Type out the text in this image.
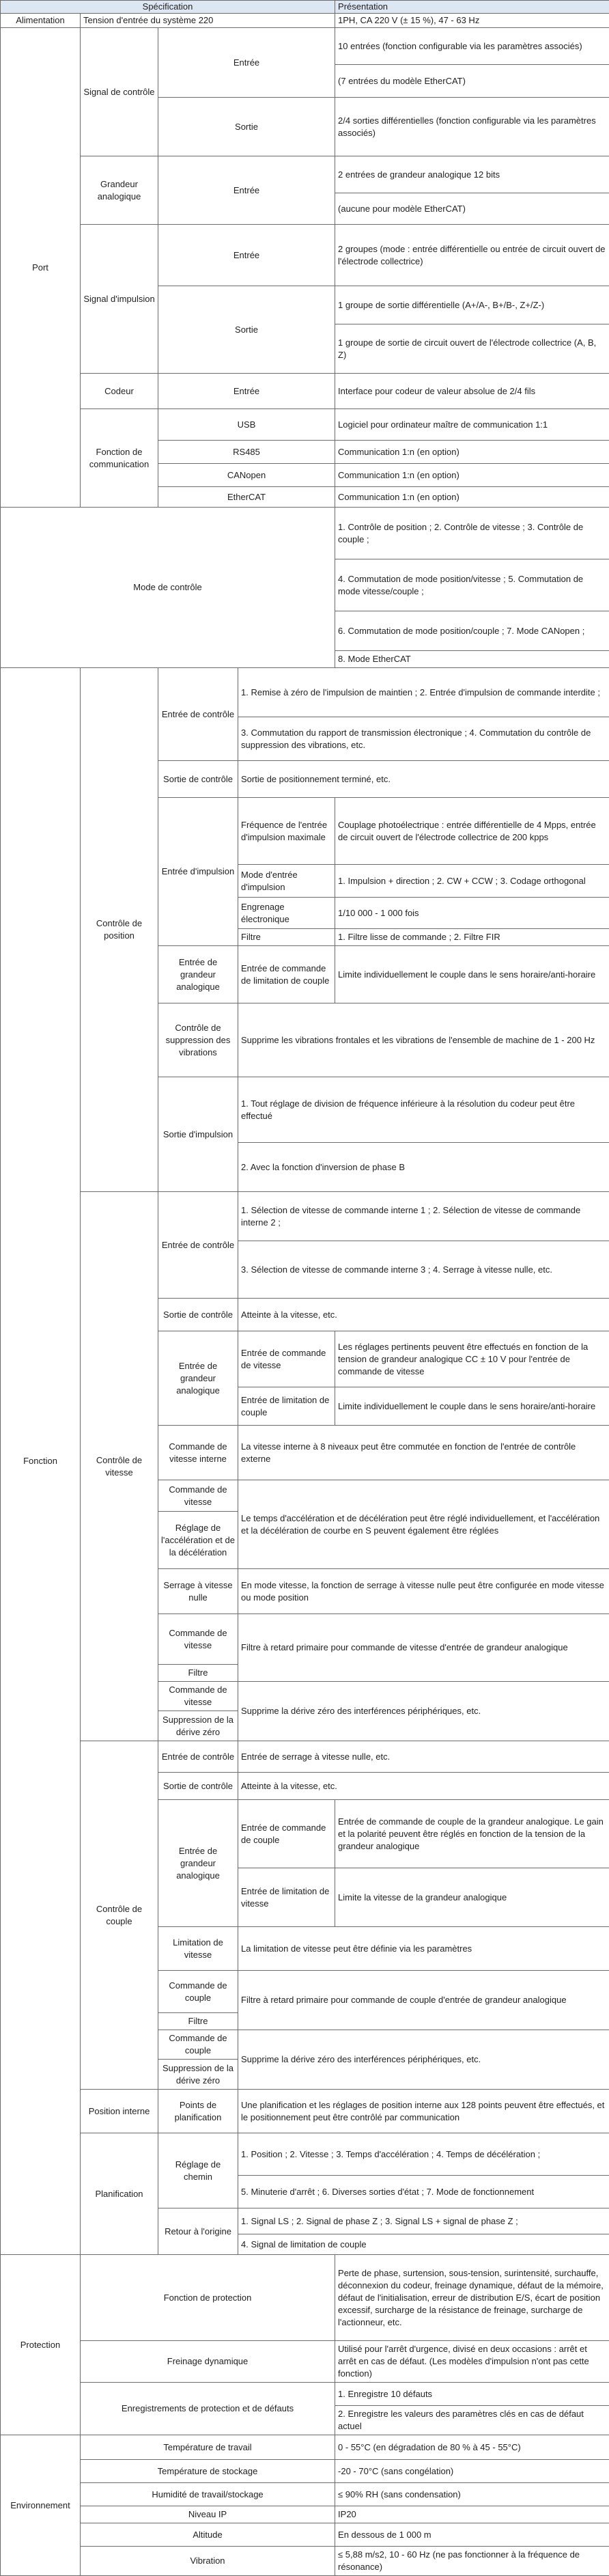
Spécification				Présentation
Alimentation	Tension d'entrée du système 220			1PH, CA 220 V (± 15 %), 47 - 63 Hz
Port	Signal de contrôle	Entrée		10 entrées (fonction configurable via les paramètres associés)
				(7 entrées du modèle EtherCAT)
		Sortie		2/4 sorties différentielles (fonction configurable via les paramètres associés)

	Grandeur analogique	Entrée		2 entrées de grandeur analogique 12 bits
				(aucune pour modèle EtherCAT)
	Signal d'impulsion	Entrée		2 groupes (mode : entrée différentielle ou entrée de circuit ouvert de l'électrode collectrice)
		Sortie		1 groupe de sortie différentielle (A+/A-, B+/B-, Z+/Z-)
				1 groupe de sortie de circuit ouvert de l'électrode collectrice (A, B, Z)
	Codeur	Entrée		Interface pour codeur de valeur absolue de 2/4 fils
	Fonction de communication	USB		Logiciel pour ordinateur maître de communication 1:1
		RS485		Communication 1:n (en option)
		CANopen		Communication 1:n (en option)
		EtherCAT		Communication 1:n (en option)
Mode de contrôle				1. Contrôle de position ; 2. Contrôle de vitesse ; 3. Contrôle de couple ;
				4. Commutation de mode position/vitesse ; 5. Commutation de mode vitesse/couple ;
				6. Commutation de mode position/couple ; 7. Mode CANopen ;
				8. Mode EtherCAT
Fonction	Contrôle de position	Entrée de contrôle	1. Remise à zéro de l'impulsion de maintien ; 2. Entrée d'impulsion de commande interdite ;	
			3. Commutation du rapport de transmission électronique ; 4. Commutation du contrôle de suppression des vibrations, etc.	
		Sortie de contrôle	Sortie de positionnement terminé, etc.	
		Entrée d'impulsion	Fréquence de l'entrée d'impulsion maximale	Couplage photoélectrique : entrée différentielle de 4 Mpps, entrée de circuit ouvert de l'électrode collectrice de 200 kpps
			Mode d'entrée d'impulsion	1. Impulsion + direction ; 2. CW + CCW ; 3. Codage orthogonal
			Engrenage électronique	1/10 000 - 1 000 fois
			Filtre	1. Filtre lisse de commande ; 2. Filtre FIR
		Entrée de grandeur analogique	Entrée de commande de limitation de couple	Limite individuellement le couple dans le sens horaire/anti-horaire
		Contrôle de suppression des vibrations	Supprime les vibrations frontales et les vibrations de l'ensemble de machine de 1 - 200 Hz	
		Sortie d'impulsion	1. Tout réglage de division de fréquence inférieure à la résolution du codeur peut être effectué	
			2. Avec la fonction d'inversion de phase B	
	Contrôle de vitesse	Entrée de contrôle	1. Sélection de vitesse de commande interne 1 ; 2. Sélection de vitesse de commande interne 2 ;	
			3. Sélection de vitesse de commande interne 3 ; 4. Serrage à vitesse nulle, etc.	
		Sortie de contrôle	Atteinte à la vitesse, etc.	
		Entrée de grandeur analogique	Entrée de commande de vitesse	Les réglages pertinents peuvent être effectués en fonction de la tension de grandeur analogique CC ± 10 V pour l'entrée de commande de vitesse
			Entrée de limitation de couple	Limite individuellement le couple dans le sens horaire/anti-horaire
		Commande de vitesse interne	La vitesse interne à 8 niveaux peut être commutée en fonction de l'entrée de contrôle externe	
		Commande de vitesse	Le temps d'accélération et de décélération peut être réglé individuellement, et l'accélération et la décélération de courbe en S peuvent également être réglées	
		Réglage de l'accélération et de la décélération		
		Serrage à vitesse nulle	En mode vitesse, la fonction de serrage à vitesse nulle peut être configurée en mode vitesse ou mode position	
		Commande de vitesse	Filtre à retard primaire pour commande de vitesse d'entrée de grandeur analogique	
		Filtre		
		Commande de vitesse	Supprime la dérive zéro des interférences périphériques, etc.	
		Suppression de la dérive zéro		

	Contrôle de couple	Entrée de contrôle	Entrée de serrage à vitesse nulle, etc.	
		Sortie de contrôle	Atteinte à la vitesse, etc.	
		Entrée de grandeur analogique	Entrée de commande de couple	Entrée de commande de couple de la grandeur analogique. Le gain et la polarité peuvent être réglés en fonction de la tension de la grandeur analogique
			Entrée de limitation de vitesse	Limite la vitesse de la grandeur analogique
		Limitation de vitesse	La limitation de vitesse peut être définie via les paramètres	
		Commande de couple	Filtre à retard primaire pour commande de couple d'entrée de grandeur analogique	
		Filtre		
		Commande de couple	Supprime la dérive zéro des interférences périphériques, etc.	
		Suppression de la dérive zéro		

	Position interne	Points de planification	Une planification et les réglages de position interne aux 128 points peuvent être effectués, et le positionnement peut être contrôlé par communication	
	Planification	Réglage de chemin	1. Position ; 2. Vitesse ; 3. Temps d'accélération ; 4. Temps de décélération ;	
			5. Minuterie d'arrêt ; 6. Diverses sorties d'état ; 7. Mode de fonctionnement	
		Retour à l'origine	1. Signal LS ; 2. Signal de phase Z ; 3. Signal LS + signal de phase Z ;	
			4. Signal de limitation de couple	
Protection	Fonction de protection			Perte de phase, surtension, sous-tension, surintensité, surchauffe, déconnexion du codeur, freinage dynamique, défaut de la mémoire, défaut de l'initialisation, erreur de distribution E/S, écart de position excessif, surcharge de la résistance de freinage, surcharge de l'actionneur, etc.
	Freinage dynamique			Utilisé pour l'arrêt d'urgence, divisé en deux occasions : arrêt et arrêt en cas de défaut. (Les modèles d'impulsion n'ont pas cette fonction)
	Enregistrements de protection et de défauts			1. Enregistre 10 défauts
				2. Enregistre les valeurs des paramètres clés en cas de défaut actuel
Environnement	Température de travail			0 - 55°C (en dégradation de 80 % à 45 - 55°C)
	Température de stockage			-20 - 70°C (sans congélation)
	Humidité de travail/stockage			≤ 90% RH (sans condensation)
	Niveau IP			IP20
	Altitude			En dessous de 1 000 m
	Vibration			≤ 5,88 m/s2, 10 - 60 Hz (ne pas fonctionner à la fréquence de résonance)
